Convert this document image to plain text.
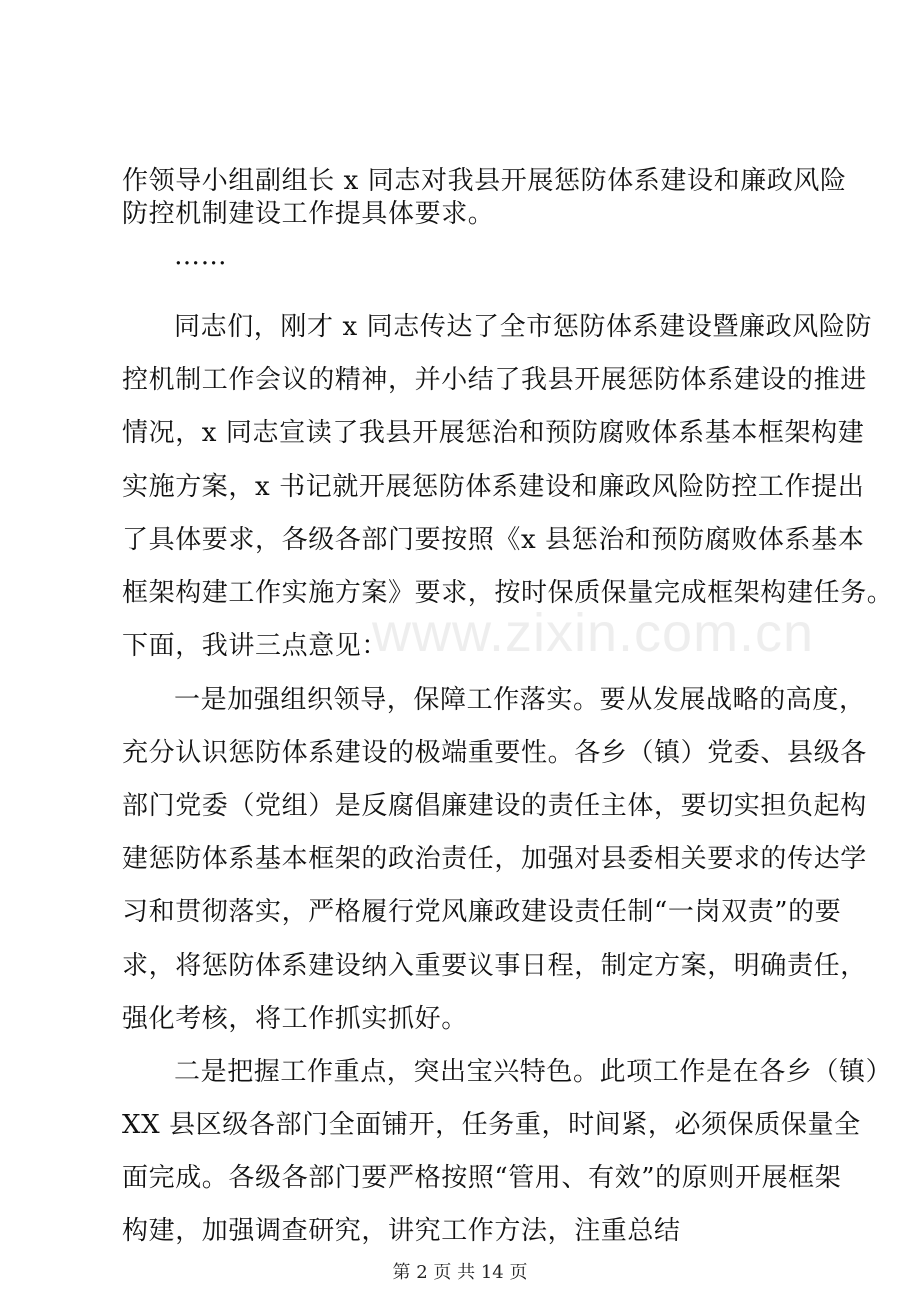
作领导小组副组长 x 同志对我县开展惩防体系建设和廉政风险
防控机制建设工作提具体要求。
……
同志们，刚才 x 同志传达了全市惩防体系建设暨廉政风险防
控机制工作会议的精神，并小结了我县开展惩防体系建设的推进
情况，x 同志宣读了我县开展惩治和预防腐败体系基本框架构建
实施方案，x 书记就开展惩防体系建设和廉政风险防控工作提出
了具体要求，各级各部门要按照《x 县惩治和预防腐败体系基本
框架构建工作实施方案》要求，按时保质保量完成框架构建任务。
下面，我讲三点意见：
一是加强组织领导，保障工作落实。要从发展战略的高度，
充分认识惩防体系建设的极端重要性。各乡（镇）党委、县级各
部门党委（党组）是反腐倡廉建设的责任主体，要切实担负起构
建惩防体系基本框架的政治责任，加强对县委相关要求的传达学
习和贯彻落实，严格履行党风廉政建设责任制“一岗双责”的要
求，将惩防体系建设纳入重要议事日程，制定方案，明确责任，
强化考核，将工作抓实抓好。
二是把握工作重点，突出宝兴特色。此项工作是在各乡（镇）
XX 县区级各部门全面铺开，任务重，时间紧，必须保质保量全
面完成。各级各部门要严格按照“管用、有效”的原则开展框架
构建，加强调查研究，讲究工作方法，注重总结
www.zixin.com.cn
第 2 页 共 14 页
